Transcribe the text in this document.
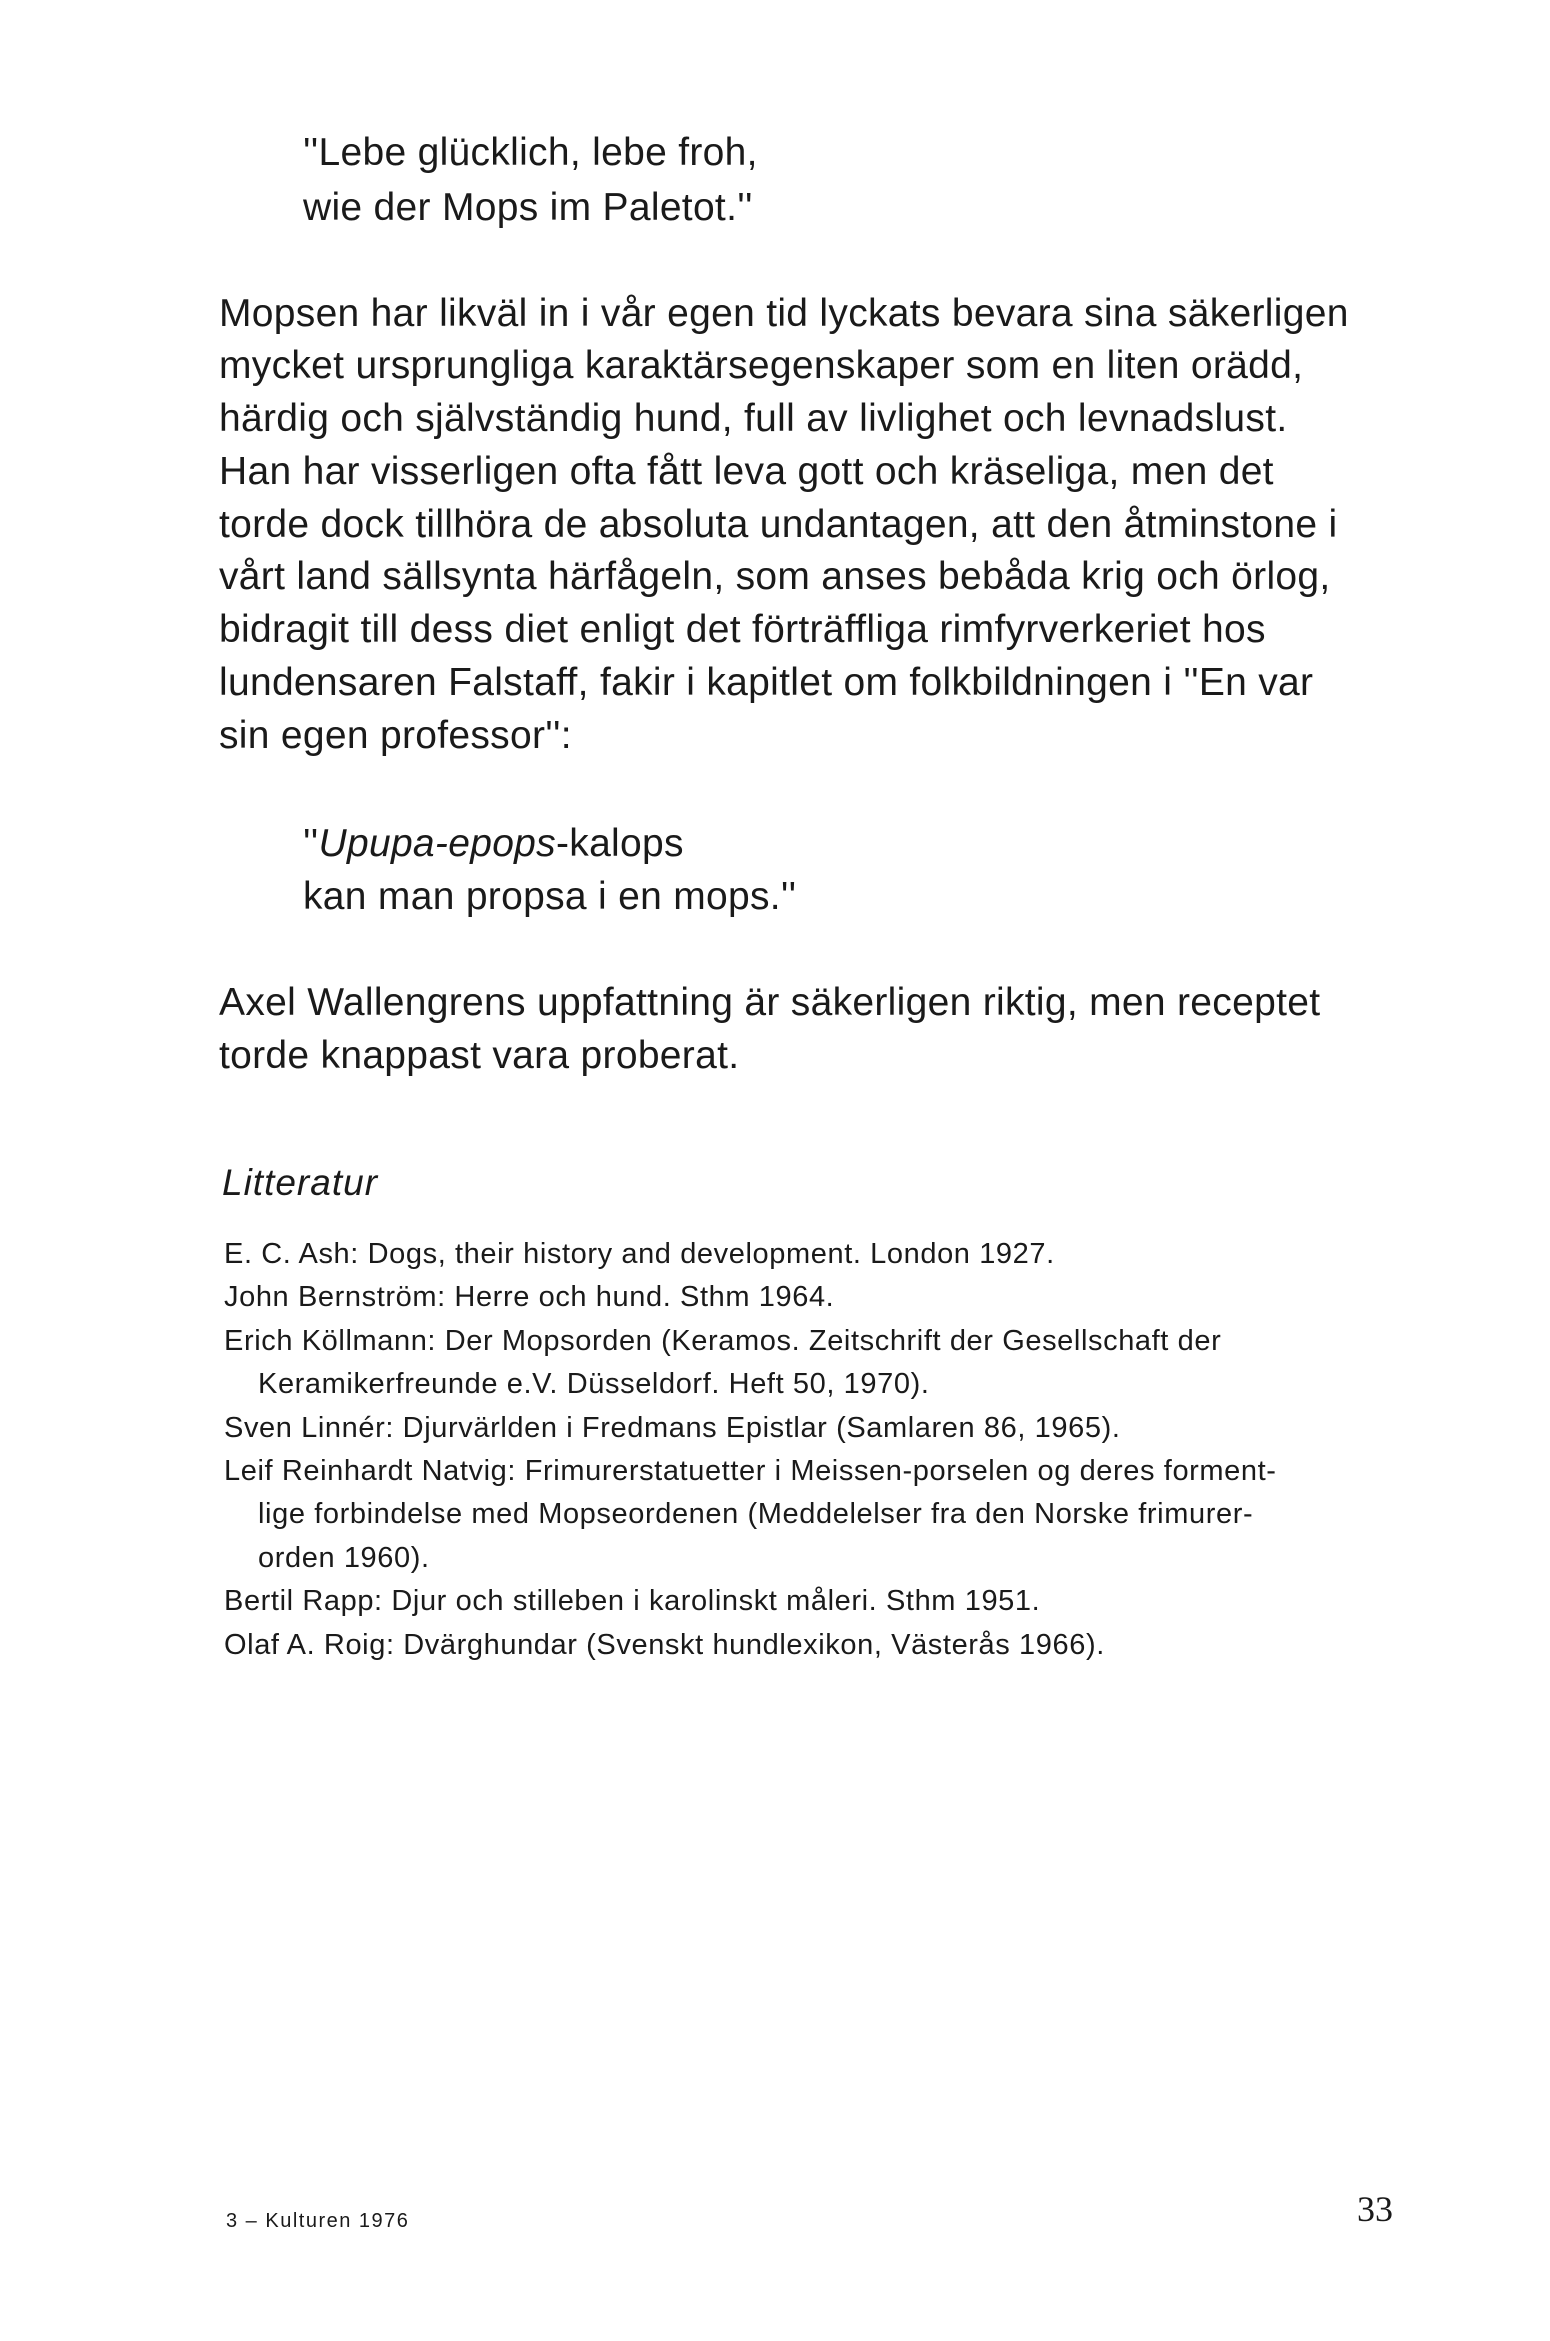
''Lebe glücklich, lebe froh,

wie der Mops im Paletot.''

Mopsen har likväl in i vår egen tid lyckats bevara sina säkerligen

mycket ursprungliga karaktärsegenskaper som en liten orädd,

härdig och självständig hund, full av livlighet och levnadslust.

Han har visserligen ofta fått leva gott och kräseliga, men det

torde dock tillhöra de absoluta undantagen, att den åtminstone i

vårt land sällsynta härfågeln, som anses bebåda krig och örlog,

bidragit till dess diet enligt det förträffliga rimfyrverkeriet hos

lundensaren Falstaff, fakir i kapitlet om folkbildningen i ''En var

sin egen professor'':

''Upupa-epops-kalops

kan man propsa i en mops.''

Axel Wallengrens uppfattning är säkerligen riktig, men receptet

torde knappast vara proberat.

Litteratur

E. C. Ash: Dogs, their history and development. London 1927.

John Bernström: Herre och hund. Sthm 1964.

Erich Köllmann: Der Mopsorden (Keramos. Zeitschrift der Gesellschaft der

Keramikerfreunde e.V. Düsseldorf. Heft 50, 1970).

Sven Linnér: Djurvärlden i Fredmans Epistlar (Samlaren 86, 1965).

Leif Reinhardt Natvig: Frimurerstatuetter i Meissen-porselen og deres forment-

lige forbindelse med Mopseordenen (Meddelelser fra den Norske frimurer-

orden 1960).

Bertil Rapp: Djur och stilleben i karolinskt måleri. Sthm 1951.

Olaf A. Roig: Dvärghundar (Svenskt hundlexikon, Västerås 1966).

3 – Kulturen 1976	33
